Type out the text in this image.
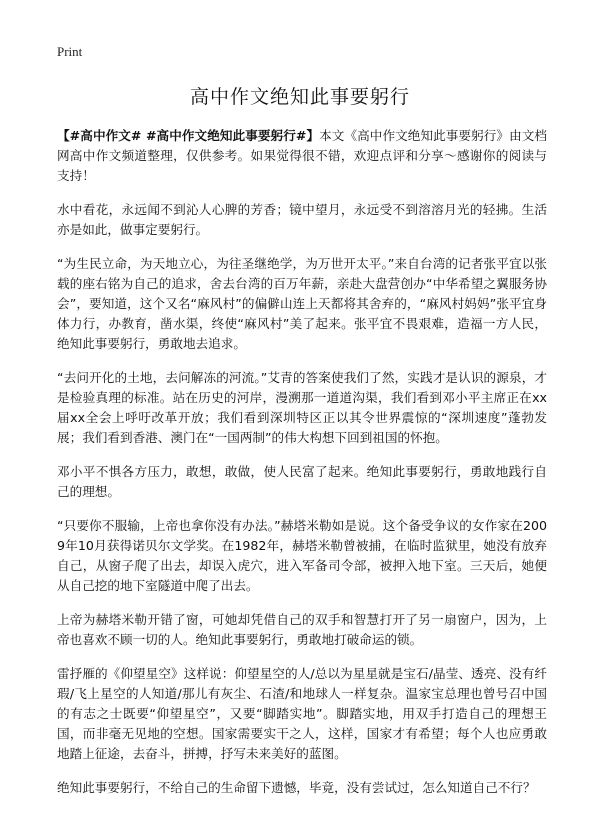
Print
高中作文绝知此事要躬行

【#高中作文# #高中作文绝知此事要躬行#】本文《高中作文绝知此事要躬行》由文档网高中作文频道整理，仅供参考。如果觉得很不错，欢迎点评和分享～感谢你的阅读与支持！

水中看花，永远闻不到沁人心脾的芳香；镜中望月，永远受不到溶溶月光的轻拂。生活亦是如此，做事定要躬行。

“为生民立命，为天地立心，为往圣继绝学，为万世开太平。”来自台湾的记者张平宜以张载的座右铭为自己的追求，舍去台湾的百万年薪，亲赴大盘营创办“中华希望之翼服务协会”，要知道，这个又名“麻风村”的偏僻山连上天都将其舍弃的，“麻风村妈妈”张平宜身体力行，办教育，凿水渠，终使“麻风村”美了起来。张平宜不畏艰难，造福一方人民，绝知此事要躬行，勇敢地去追求。

“去问开化的土地，去问解冻的河流。”艾青的答案使我们了然，实践才是认识的源泉，才是检验真理的标准。站在历史的河岸，漫溯那一道道沟渠，我们看到邓小平主席正在xx届xx全会上呼吁改革开放；我们看到深圳特区正以其令世界震惊的“深圳速度”蓬勃发展；我们看到香港、澳门在“一国两制”的伟大构想下回到祖国的怀抱。

邓小平不惧各方压力，敢想，敢做，使人民富了起来。绝知此事要躬行，勇敢地践行自己的理想。

“只要你不服输，上帝也拿你没有办法。”赫塔米勒如是说。这个备受争议的女作家在2009年10月获得诺贝尔文学奖。在1982年，赫塔米勒曾被捕，在临时监狱里，她没有放弃自己，从窗子爬了出去，却误入虎穴，进入军备司令部，被押入地下室。三天后，她便从自己挖的地下室隧道中爬了出去。

上帝为赫塔米勒开错了窗，可她却凭借自己的双手和智慧打开了另一扇窗户，因为，上帝也喜欢不顾一切的人。绝知此事要躬行，勇敢地打破命运的锁。

雷抒雁的《仰望星空》这样说：仰望星空的人/总以为星星就是宝石/晶莹、透亮、没有纤瑕/飞上星空的人知道/那儿有灰尘、石渣/和地球人一样复杂。温家宝总理也曾号召中国的有志之士既要“仰望星空”，又要“脚踏实地”。脚踏实地，用双手打造自己的理想王国，而非毫无见地的空想。国家需要实干之人，这样，国家才有希望；每个人也应勇敢地踏上征途，去奋斗，拼搏，抒写未来美好的蓝图。

绝知此事要躬行，不给自己的生命留下遗憾，毕竟，没有尝试过，怎么知道自己不行？
